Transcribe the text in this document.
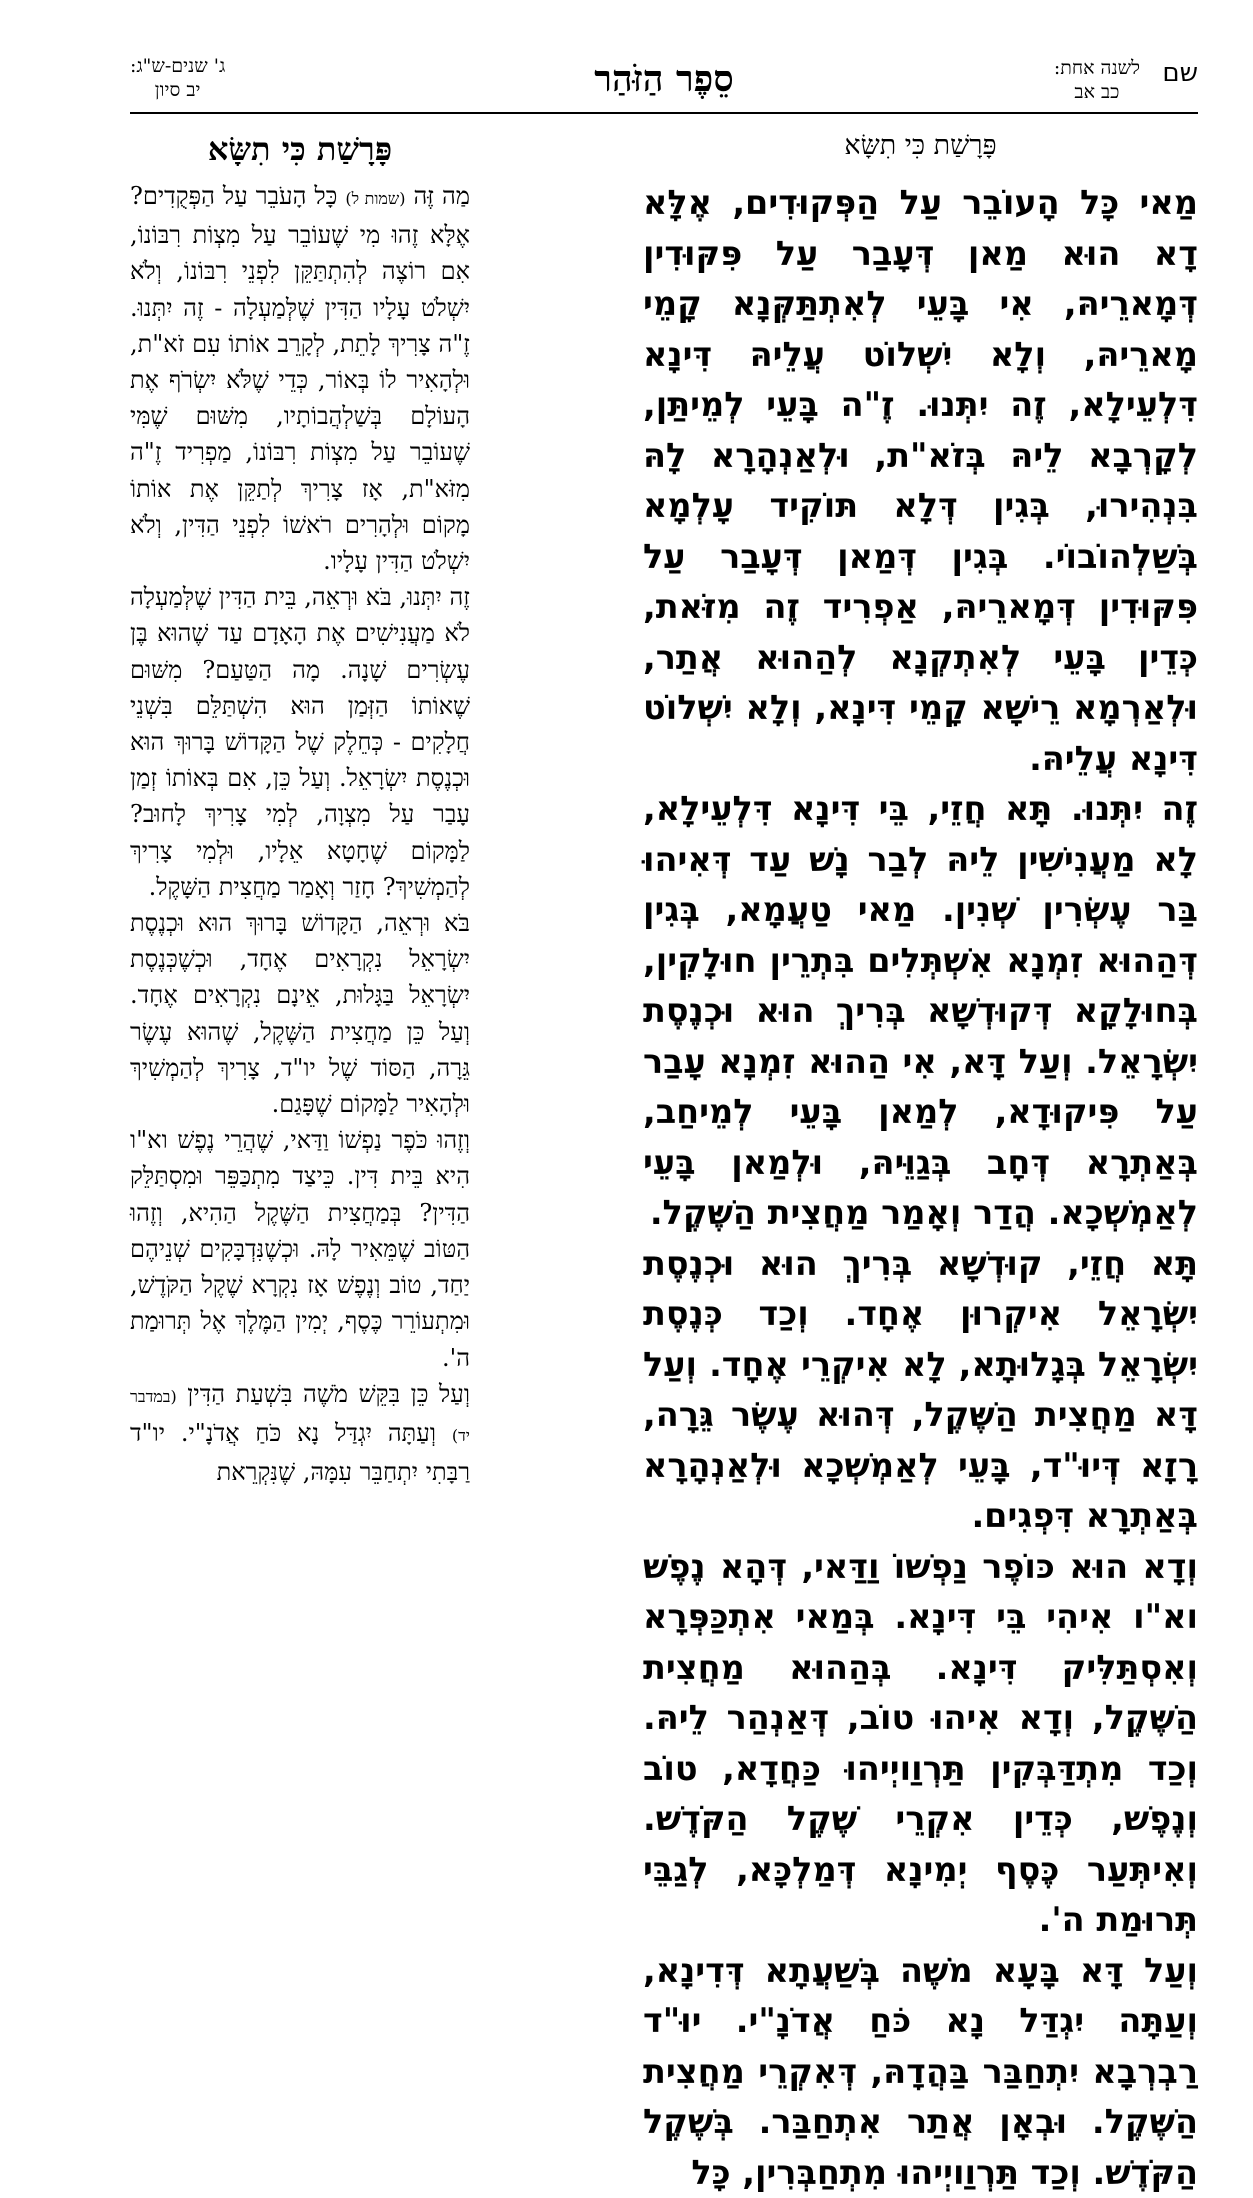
שם
לשנה אחת:
כב אב
סֵפֶר הַזֹּהַר
ג' שנים-ש"ג:
יב סיון
פָּרָשַׁת כִּי תִשָּׂא
פָּרָשַׁת כִּי תִשָּׂא

מַאי כָּל הָעוֹבֵר עַל הַפְּקוּדִים, אֶלָּא דָא הוּא מַאן דְּעָבַר עַל פִּקּוּדִין דְּמָארֵיהּ, אִי בָּעֵי לְאִתְתַּקְּנָא קָמֵי מָארֵיהּ, וְלָא יִשְׁלוֹט עֲלֵיהּ דִּינָא דִּלְעֵילָא, זֶה יִתְּנוּ. זֶ"ה בָּעֵי לְמֵיתַּן, לְקָרְבָא לֵיהּ בְּזֹא"ת, וּלְאַנְהָרָא לָהּ בִּנְהִירוּ, בְּגִין דְּלָא תּוֹקִיד עָלְמָא בְּשַׁלְהוֹבוֹי. בְּגִין דְּמַאן דְּעָבַר עַל פִּקּוּדִין דְּמָארֵיהּ, אַפְרִיד זֶה מִזֹּאת, כְּדֵין בָּעֵי לְאִתְקְנָא לְהַהוּא אֲתַר, וּלְאַרְמָא רֵישָׁא קָמֵי דִּינָא, וְלָא יִשְׁלוֹט דִּינָא עֲלֵיהּ.

זֶה יִתְּנוּ. תָּא חֲזֵי, בֵּי דִּינָא דִּלְעֵילָא, לָא מַעֲנִישִׁין לֵיהּ לְבַר נָשׁ עַד דְּאִיהוּ בַּר עֶשְׂרִין שְׁנִין. מַאי טַעֲמָא, בְּגִין דְּהַהוּא זִמְנָא אִשְׁתְּלִים בִּתְרֵין חוּלָקִין, בְּחוּלָקָא דְּקוּדְשָׁא בְּרִיךְ הוּא וּכְנֶסֶת יִשְׂרָאֵל. וְעַל דָּא, אִי הַהוּא זִמְנָא עָבַר עַל פִּיקוּדָא, לְמַאן בָּעֵי לְמֵיחַב, בְּאַתְרָא דְּחָב בְּגַוֵּיהּ, וּלְמַאן בָּעֵי לְאַמְשְׁכָא. הֲדַר וְאָמַר מַחֲצִית הַשֶּׁקֶל.

תָּא חֲזֵי, קוּדְשָׁא בְּרִיךְ הוּא וּכְנֶסֶת יִשְׂרָאֵל אִיקְרוּן אֶחָד. וְכַד כְּנֶסֶת יִשְׂרָאֵל בְּגָלוּתָא, לָא אִיקְרֵי אֶחָד. וְעַל דָּא מַחֲצִית הַשֶּׁקֶל, דְּהוּא עֶשֶׂר גֵּרָה, רָזָא דְּיוּ"ד, בָּעֵי לְאַמְשְׁכָא וּלְאַנְהָרָא בְּאַתְרָא דִּפְגִים.

וְדָא הוּא כּוֹפֶר נַפְשׁוֹ וַדַּאי, דְּהָא נֶפֶשׁ וא"ו אִיהִי בֵּי דִּינָא. בְּמַאי אִתְכַּפְּרָא וְאִסְתַּלִּיק דִּינָא. בְּהַהוּא מַחֲצִית הַשֶּׁקֶל, וְדָא אִיהוּ טוֹב, דְּאַנְהַר לֵיהּ. וְכַד מִתְדַּבְּקִין תַּרְוַויְיהוּ כַּחֲדָא, טוֹב וְנֶפֶשׁ, כְּדֵין אִקְרֵי שֶׁקֶל הַקֹּדֶשׁ. וְאִיתְּעַר כֶּסֶף יְמִינָא דְּמַלְכָּא, לְגַבֵּי תְּרוּמַת ה'.

וְעַל דָּא בָּעָא מֹשֶׁה בְּשַׁעֲתָא דְּדִינָא, וְעַתָּה יִגְדַּל נָא כֹּחַ אֲדֹנָ"י. יוּ"ד רַבְרְבָא יִתְחַבַּר בַּהֲדָהּ, דְּאִקְרֵי מַחֲצִית הַשֶּׁקֶל. וּבְאָן אֲתַר אִתְחַבַּר. בְּשֶׁקֶל הַקֹּדֶשׁ. וְכַד תַּרְוַויְיהוּ מִתְחַבְּרִין, כָּל

מַה זֶּה (שמות ל) כָּל הָעֹבֵר עַל הַפְּקֻדִים? אֶלָּא זֶהוּ מִי שֶׁעוֹבֵר עַל מִצְוֹת רִבּוֹנוֹ, אִם רוֹצֶה לְהִתְתַּקֵּן לִפְנֵי רִבּוֹנוֹ, וְלֹא יִשְׁלֹט עָלָיו הַדִּין שֶׁלְּמַעְלָה - זֶה יִתְּנוּ. זֶ"ה צָרִיךְ לָתֵת, לְקָרֵב אוֹתוֹ עִם זֹא"ת, וּלְהָאִיר לוֹ בְּאוֹר, כְּדֵי שֶׁלֹּא יִשְׂרֹף אֶת הָעוֹלָם בְּשַׁלְהֲבוֹתָיו, מִשּׁוּם שֶׁמִּי שֶׁעוֹבֵר עַל מִצְוֹת רִבּוֹנוֹ, מַפְרִיד זֶ"ה מִזֹּא"ת, אָז צָרִיךְ לְתַקֵּן אֶת אוֹתוֹ מָקוֹם וּלְהָרִים רֹאשׁוֹ לִפְנֵי הַדִּין, וְלֹא יִשְׁלֹט הַדִּין עָלָיו.

זֶה יִתְּנוּ, בֹּא וּרְאֵה, בֵּית הַדִּין שֶׁלְּמַעְלָה לֹא מַעֲנִישִׁים אֶת הָאָדָם עַד שֶׁהוּא בֶּן עֶשְׂרִים שָׁנָה. מָה הַטַּעַם? מִשּׁוּם שֶׁאוֹתוֹ הַזְּמַן הוּא הִשְׁתַּלֵּם בִּשְׁנֵי חֲלָקִים - כְּחֵלֶק שֶׁל הַקָּדוֹשׁ בָּרוּךְ הוּא וּכְנֶסֶת יִשְׂרָאֵל. וְעַל כֵּן, אִם בְּאוֹתוֹ זְמַן עָבַר עַל מִצְוָה, לְמִי צָרִיךְ לָחוּב? לַמָּקוֹם שֶׁחָטָא אֵלָיו, וּלְמִי צָרִיךְ לְהַמְשִׁיךְ? חָזַר וְאָמַר מַחֲצִית הַשָּׁקֶל.

בֹּא וּרְאֵה, הַקָּדוֹשׁ בָּרוּךְ הוּא וּכְנֶסֶת יִשְׂרָאֵל נִקְרָאִים אֶחָד, וּכְשֶׁכְּנֶסֶת יִשְׂרָאֵל בַּגָּלוּת, אֵינָם נִקְרָאִים אֶחָד. וְעַל כֵּן מַחֲצִית הַשֶּׁקֶל, שֶׁהוּא עֶשֶׂר גֵּרָה, הַסּוֹד שֶׁל יו"ד, צָרִיךְ לְהַמְשִׁיךְ וּלְהָאִיר לַמָּקוֹם שֶׁפָּגַם.

וְזֶהוּ כֹּפֶר נַפְשׁוֹ וַדַּאי, שֶׁהֲרֵי נֶפֶשׁ וא"ו הִיא בֵּית דִּין. כֵּיצַד מִתְכַּפֵּר וּמִסְתַּלֵּק הַדִּין? בְּמַחֲצִית הַשֶּׁקֶל הַהִיא, וְזֶהוּ הַטּוֹב שֶׁמֵּאִיר לָהּ. וּכְשֶׁנִּדְבָּקִים שְׁנֵיהֶם יַחַד, טוֹב וְנֶפֶשׁ אָז נִקְרָא שֶׁקֶל הַקֹּדֶשׁ, וּמִתְעוֹרֵר כֶּסֶף, יְמִין הַמֶּלֶךְ אֶל תְּרוּמַת ה'.

וְעַל כֵּן בִּקֵּשׁ מֹשֶׁה בִּשְׁעַת הַדִּין (במדבר יד) וְעַתָּה יִגְדַּל נָא כֹּחַ אֲדֹנָ"י. יו"ד רַבָּתִי יִתְחַבֵּר עִמָּהּ, שֶׁנִּקְרֵאת
